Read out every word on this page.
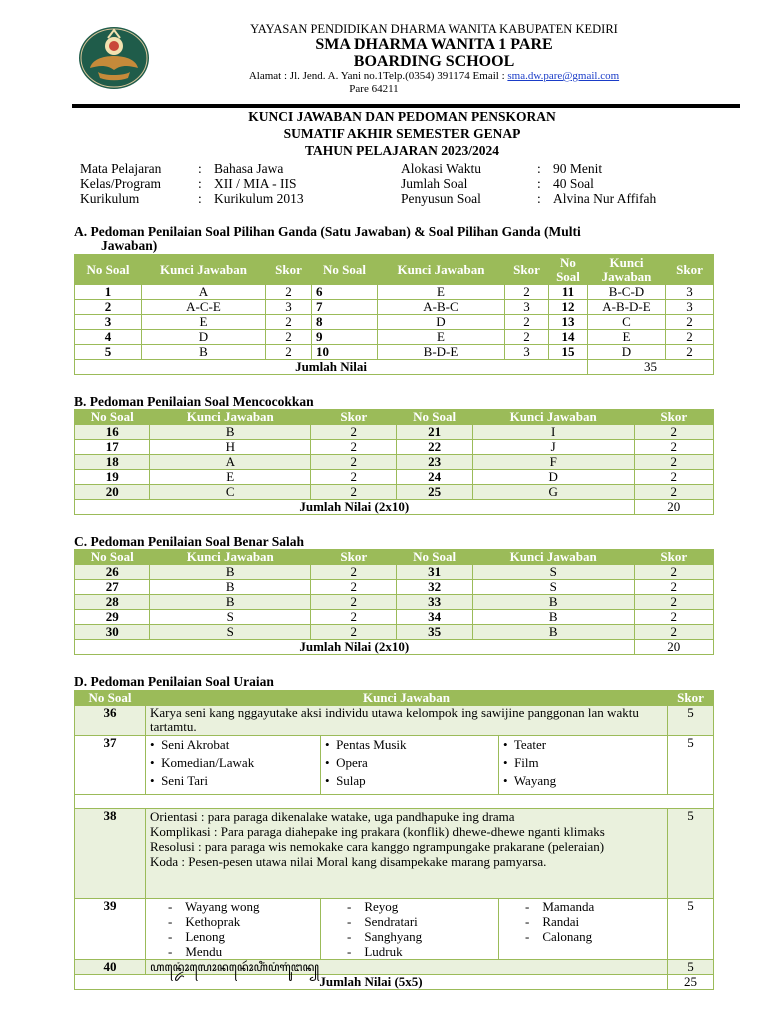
YAYASAN PENDIDIKAN DHARMA WANITA KABUPATEN KEDIRI
SMA DHARMA WANITA 1 PARE
BOARDING SCHOOL
Alamat : Jl. Jend. A. Yani no.1Telp.(0354) 391174 Email : sma.dw.pare@gmail.com
Pare 64211
KUNCI JAWABAN DAN PEDOMAN PENSKORAN
SUMATIF AKHIR SEMESTER GENAP
TAHUN PELAJARAN 2023/2024
Mata Pelajaran	: Bahasa Jawa
Kelas/Program	: XII / MIA - IIS
Kurikulum	: Kurikulum 2013
Alokasi Waktu	: 90 Menit
Jumlah Soal	: 40 Soal
Penyusun Soal	: Alvina Nur Affifah
A. Pedoman Penilaian Soal Pilihan Ganda (Satu Jawaban) & Soal Pilihan Ganda (Multi
Jawaban)
No Soal	Kunci Jawaban	Skor	No Soal	Kunci Jawaban	Skor	No Soal	Kunci Jawaban	Skor
1	A	2	6	E	2	11	B-C-D	3
2	A-C-E	3	7	A-B-C	3	12	A-B-D-E	3
3	E	2	8	D	2	13	C	2
4	D	2	9	E	2	14	E	2
5	B	2	10	B-D-E	3	15	D	2
Jumlah Nilai							35	
B. Pedoman Penilaian Soal Mencocokkan
No Soal	Kunci Jawaban	Skor	No Soal	Kunci Jawaban	Skor
16	B	2	21	I	2
17	H	2	22	J	2
18	A	2	23	F	2
19	E	2	24	D	2
20	C	2	25	G	2
Jumlah Nilai (2x10)					20
C. Pedoman Penilaian Soal Benar Salah
No Soal	Kunci Jawaban	Skor	No Soal	Kunci Jawaban	Skor
26	B	2	31	S	2
27	B	2	32	S	2
28	B	2	33	B	2
29	S	2	34	B	2
30	S	2	35	B	2
Jumlah Nilai (2x10)					20
D. Pedoman Penilaian Soal Uraian
No Soal	Kunci Jawaban			Skor
36	Karya seni kang nggayutake aksi individu utawa kelompok ing sawijine panggonan lan waktu tartamtu.			5
37	•  Seni Akrobat
•  Komedian/Lawak
•  Seni Tari	•  Pentas Musik
•  Opera
•  Sulap	•  Teater
•  Film
•  Wayang	5

38	Orientasi : para paraga dikenalake watake, uga pandhapuke ing drama
Komplikasi : Para paraga diahepake ing prakara (konflik) dhewe-dhewe nganti klimaks
Resolusi : para paraga wis nemokake cara kanggo ngrampungake prakarane (peleraian)
Koda : Pesen-pesen utawa nilai Moral kang disampekake marang pamyarsa.			5
39	-    Wayang wong
-    Kethoprak
-    Lenong
-    Mendu	-    Reyog
-    Sendratari
-    Sanghyang
-    Ludruk	-    Mamanda
-    Randai
-    Calonang	5
40	ꦲꦤ꧀ꦢꦺꦴꦁꦭꦺꦴꦤꦤꦺꦴꦂꦲꦶꦁꦥꦁꦒꦸꦁꦔꦤ꧀			5
Jumlah Nilai (5x5)				25
